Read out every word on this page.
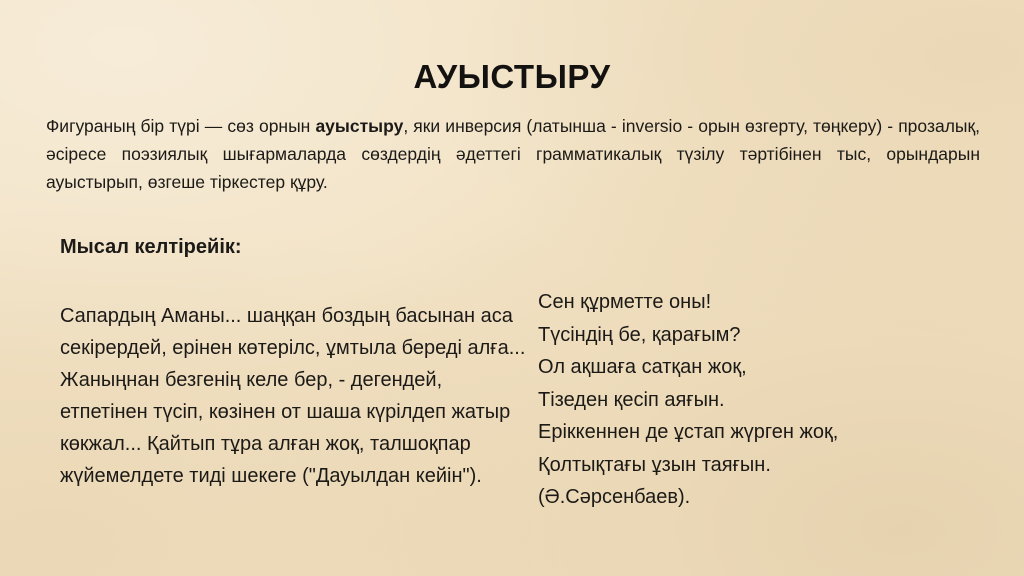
АУЫСТЫРУ
Фигураның бір түрі — сөз орнын ауыстыру, яки инверсия (латынша - inversio - орын өзгерту, төңкеру) - прозалық, әсіресе поэзиялық шығармаларда сөздердің әдеттегі грамматикалық түзілу тәртібінен тыс, орындарын ауыстырып, өзгеше тіркестер құру.
Мысал келтірейік:
Сапардың Аманы... шаңқан боздың басынан аса секірердей, ерінен көтерілс, ұмтыла береді алға... Жаныңнан безгенің келе бер, - дегендей, етпетінен түсіп, көзінен от шаша күрілдеп жатыр көкжал... Қайтып тұра алған жоқ, талшоқпар жүйемелдете тиді шекеге ("Дауылдан кейін").
Сен құрметте оны!
Түсіндің бе, қарағым?
Ол ақшаға сатқан жоқ,
Тізеден қесіп аяғын.
Еріккеннен де ұстап жүрген жоқ,
Қолтықтағы ұзын таяғын.
(Ә.Сәрсенбаев).
